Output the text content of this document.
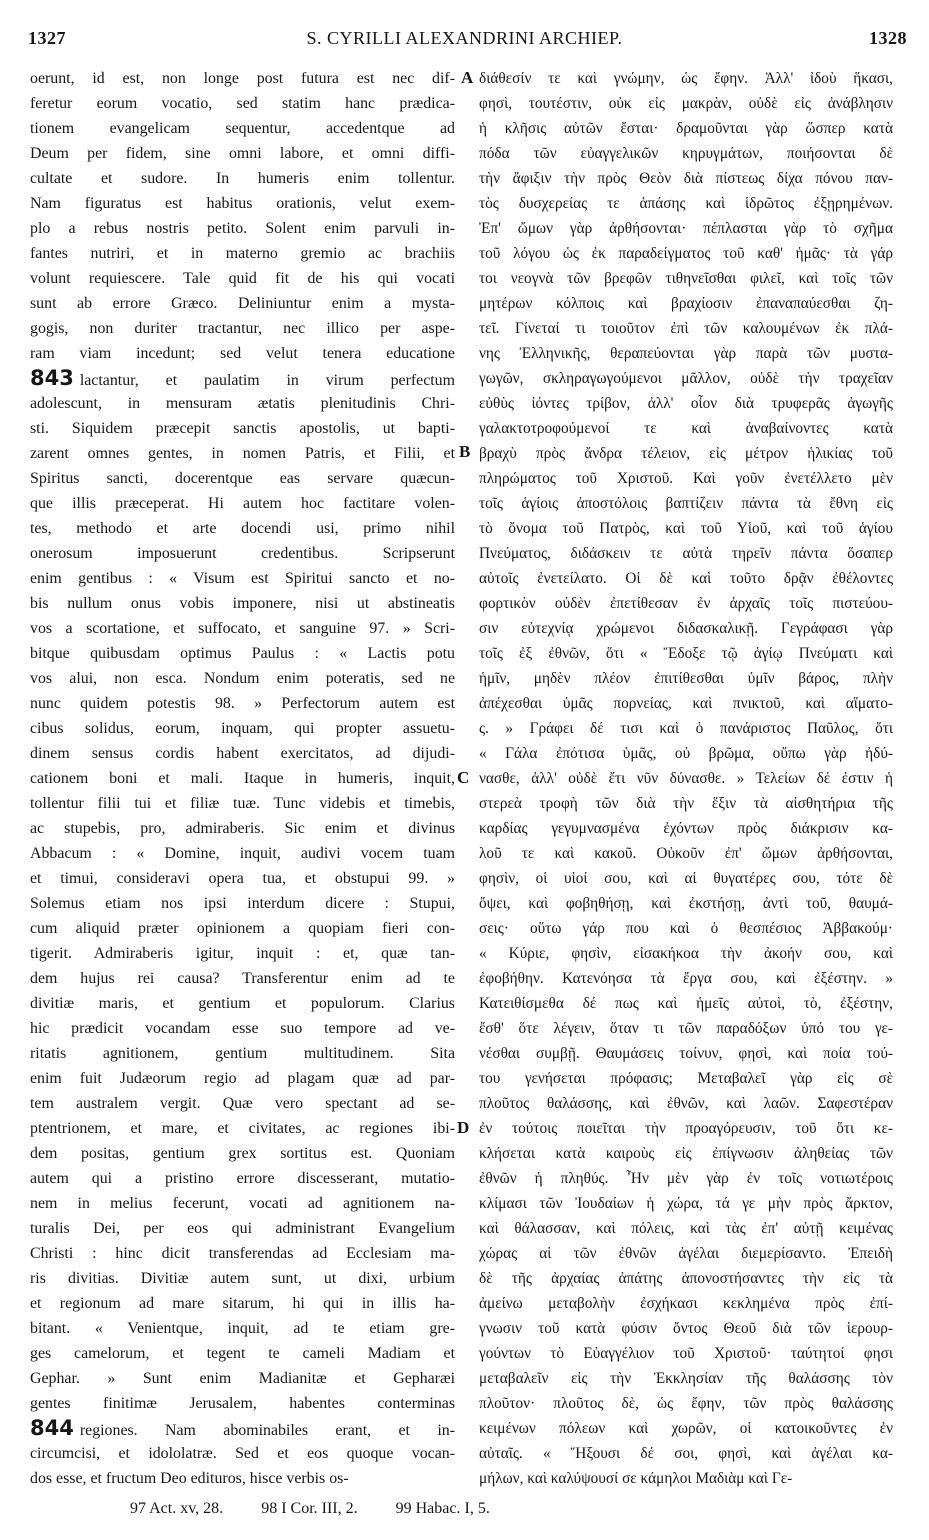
1327	S. CYRILLI ALEXANDRINI ARCHIEP.	1328
oerunt, id est, non longe post futura est nec dif-
feretur eorum vocatio, sed statim hanc prædica-
tionem evangelicam sequentur, accedentque ad
Deum per fidem, sine omni labore, et omni diffi-
cultate et sudore. In humeris enim tollentur.
Nam figuratus est habitus orationis, velut exem-
plo a rebus nostris petito. Solent enim parvuli in-
fantes nutriri, et in materno gremio ac brachiis
volunt requiescere. Tale quid fit de his qui vocati
sunt ab errore Græco. Deliniuntur enim a mysta-
gogis, non duriter tractantur, nec illico per aspe-
ram viam incedunt; sed velut tenera educatione
843 lactantur, et paulatim in virum perfectum
adolescunt, in mensuram ætatis plenitudinis Chri-
sti. Siquidem præcepit sanctis apostolis, ut bapti-
zarent omnes gentes, in nomen Patris, et Filii, et
Spiritus sancti, docerentque eas servare quæcun-
que illis præceperat. Hi autem hoc factitare volen-
tes, methodo et arte docendi usi, primo nihil
onerosum imposuerunt credentibus. Scripserunt
enim gentibus : « Visum est Spiritui sancto et no-
bis nullum onus vobis imponere, nisi ut abstineatis
vos a scortatione, et suffocato, et sanguine 97. » Scri-
bitque quibusdam optimus Paulus : « Lactis potu
vos alui, non esca. Nondum enim poteratis, sed ne
nunc quidem potestis 98. » Perfectorum autem est
cibus solidus, eorum, inquam, qui propter assuetu-
dinem sensus cordis habent exercitatos, ad dijudi-
cationem boni et mali. Itaque in humeris, inquit,
tollentur filii tui et filiæ tuæ. Tunc videbis et timebis,
ac stupebis, pro, admiraberis. Sic enim et divinus
Abbacum : « Domine, inquit, audivi vocem tuam
et timui, consideravi opera tua, et obstupui 99. »
Solemus etiam nos ipsi interdum dicere : Stupui,
cum aliquid præter opinionem a quopiam fieri con-
tigerit. Admiraberis igitur, inquit : et, quæ tan-
dem hujus rei causa? Transferentur enim ad te
divitiæ maris, et gentium et populorum. Clarius
hic prædicit vocandam esse suo tempore ad ve-
ritatis agnitionem, gentium multitudinem. Sita
enim fuit Judæorum regio ad plagam quæ ad par-
tem australem vergit. Quæ vero spectant ad se-
ptentrionem, et mare, et civitates, ac regiones ibi-
dem positas, gentium grex sortitus est. Quoniam
autem qui a pristino errore discesserant, mutatio-
nem in melius fecerunt, vocati ad agnitionem na-
turalis Dei, per eos qui administrant Evangelium
Christi : hinc dicit transferendas ad Ecclesiam ma-
ris divitias. Divitiæ autem sunt, ut dixi, urbium
et regionum ad mare sitarum, hi qui in illis ha-
bitant. « Venientque, inquit, ad te etiam gre-
ges camelorum, et tegent te cameli Madiam et
Gephar. » Sunt enim Madianitæ et Gepharæi
gentes finitimæ Jerusalem, habentes conterminas
844 regiones. Nam abominabiles erant, et in-
circumcisi, et idololatræ. Sed et eos quoque vocan-
dos esse, et fructum Deo edituros, hisce verbis os-
διάθεσίν τε καὶ γνώμην, ὡς ἔφην. Ἀλλ' ἰδοὺ ἥκασι,
φησὶ, τουτέστιν, οὐκ εἰς μακρὰν, οὐδὲ εἰς ἀνάβλησιν
ἡ κλῆσις αὐτῶν ἔσται· δραμοῦνται γὰρ ὥσπερ κατὰ
πόδα τῶν εὐαγγελικῶν κηρυγμάτων, ποιήσονται δὲ
τὴν ἄφιξιν τὴν πρὸς Θεὸν διὰ πίστεως δίχα πόνου παν-
τὸς δυσχερείας τε ἁπάσης καὶ ἱδρῶτος ἐξῃρημένων.
Ἐπ' ὤμων γὰρ ἀρθήσονται· πέπλασται γὰρ τὸ σχῆμα
τοῦ λόγου ὡς ἐκ παραδείγματος τοῦ καθ' ἡμᾶς· τὰ γάρ
τοι νεογνὰ τῶν βρεφῶν τιθηνεῖσθαι φιλεῖ, καὶ τοῖς τῶν
μητέρων κόλποις καὶ βραχίοσιν ἐπαναπαύεσθαι ζη-
τεῖ. Γίνεταί τι τοιοῦτον ἐπὶ τῶν καλουμένων ἐκ πλά-
νης Ἑλληνικῆς, θεραπεύονται γὰρ παρὰ τῶν μυστα-
γωγῶν, σκληραγωγούμενοι μᾶλλον, οὐδὲ τὴν τραχεῖαν
εὐθὺς ἰόντες τρίβον, ἀλλ' οἷον διὰ τρυφερᾶς ἀγωγῆς
γαλακτοτροφούμενοί τε καὶ ἀναβαίνοντες κατὰ
βραχὺ πρὸς ἄνδρα τέλειον, εἰς μέτρον ἡλικίας τοῦ
πληρώματος τοῦ Χριστοῦ. Καὶ γοῦν ἐνετέλλετο μὲν
τοῖς ἁγίοις ἀποστόλοις βαπτίζειν πάντα τὰ ἔθνη εἰς
τὸ ὄνομα τοῦ Πατρὸς, καὶ τοῦ Υἱοῦ, καὶ τοῦ ἁγίου
Πνεύματος, διδάσκειν τε αὐτὰ τηρεῖν πάντα ὅσαπερ
αὐτοῖς ἐνετείλατο. Οἱ δὲ καὶ τοῦτο δρᾷν ἐθέλοντες
φορτικὸν οὐδὲν ἐπετίθεσαν ἐν ἀρχαῖς τοῖς πιστεύου-
σιν εὐτεχνίᾳ χρώμενοι διδασκαλικῇ. Γεγράφασι γὰρ
τοῖς ἐξ ἐθνῶν, ὅτι « Ἔδοξε τῷ ἁγίῳ Πνεύματι καὶ
ἡμῖν, μηδὲν πλέον ἐπιτίθεσθαι ὑμῖν βάρος, πλὴν
ἀπέχεσθαι ὑμᾶς πορνείας, καὶ πνικτοῦ, καὶ αἵματο-
ς. » Γράφει δέ τισι καὶ ὁ πανάριστος Παῦλος, ὅτι
« Γάλα ἐπότισα ὑμᾶς, οὐ βρῶμα, οὔπω γὰρ ἠδύ-
νασθε, ἀλλ' οὐδὲ ἔτι νῦν δύνασθε. » Τελείων δέ ἐστιν ἡ
στερεὰ τροφὴ τῶν διὰ τὴν ἕξιν τὰ αἰσθητήρια τῆς
καρδίας γεγυμνασμένα ἐχόντων πρὸς διάκρισιν κα-
λοῦ τε καὶ κακοῦ. Οὐκοῦν ἐπ' ὤμων ἀρθήσονται,
φησὶν, οἱ υἱοί σου, καὶ αἱ θυγατέρες σου, τότε δὲ
ὄψει, καὶ φοβηθήσῃ, καὶ ἐκστήσῃ, ἀντὶ τοῦ, θαυμά-
σεις· οὕτω γάρ που καὶ ὁ θεσπέσιος Ἀββακούμ·
« Κύριε, φησὶν, εἰσακήκοα τὴν ἀκοήν σου, καὶ
ἐφοβήθην. Κατενόησα τὰ ἔργα σου, καὶ ἐξέστην. »
Κατειθίσμεθα δέ πως καὶ ἡμεῖς αὐτοὶ, τὸ, ἐξέστην,
ἔσθ' ὅτε λέγειν, ὅταν τι τῶν παραδόξων ὑπό του γε-
νέσθαι συμβῇ. Θαυμάσεις τοίνυν, φησὶ, καὶ ποία τού-
του γενήσεται πρόφασις; Μεταβαλεῖ γὰρ εἰς σὲ
πλοῦτος θαλάσσης, καὶ ἐθνῶν, καὶ λαῶν. Σαφεστέραν
ἐν τούτοις ποιεῖται τὴν προαγόρευσιν, τοῦ ὅτι κε-
κλήσεται κατὰ καιροὺς εἰς ἐπίγνωσιν ἀληθείας τῶν
ἐθνῶν ἡ πληθύς. Ἦν μὲν γὰρ ἐν τοῖς νοτιωτέροις
κλίμασι τῶν Ἰουδαίων ἡ χώρα, τά γε μὴν πρὸς ἄρκτον,
καὶ θάλασσαν, καὶ πόλεις, καὶ τὰς ἐπ' αὐτῇ κειμένας
χώρας αἱ τῶν ἐθνῶν ἀγέλαι διεμερίσαντο. Ἐπειδὴ
δὲ τῆς ἀρχαίας ἀπάτης ἀπονοστήσαντες τὴν εἰς τὰ
ἀμείνω μεταβολὴν ἐσχήκασι κεκλημένα πρὸς ἐπί-
γνωσιν τοῦ κατὰ φύσιν ὄντος Θεοῦ διὰ τῶν ἱερουρ-
γούντων τὸ Εὐαγγέλιον τοῦ Χριστοῦ· ταύτητοί φησι
μεταβαλεῖν εἰς τὴν Ἐκκλησίαν τῆς θαλάσσης τὸν
πλοῦτον· πλοῦτος δὲ, ὡς ἔφην, τῶν πρὸς θαλάσσης
κειμένων πόλεων καὶ χωρῶν, οἱ κατοικοῦντες ἐν
αὐταῖς. « Ἥξουσι δέ σοι, φησὶ, καὶ ἀγέλαι κα-
μήλων, καὶ καλύψουσί σε κάμηλοι Μαδιὰμ καὶ Γε-
A
B
C
D
97 Act. xv, 28. 98 I Cor. III, 2. 99 Habac. I, 5.
